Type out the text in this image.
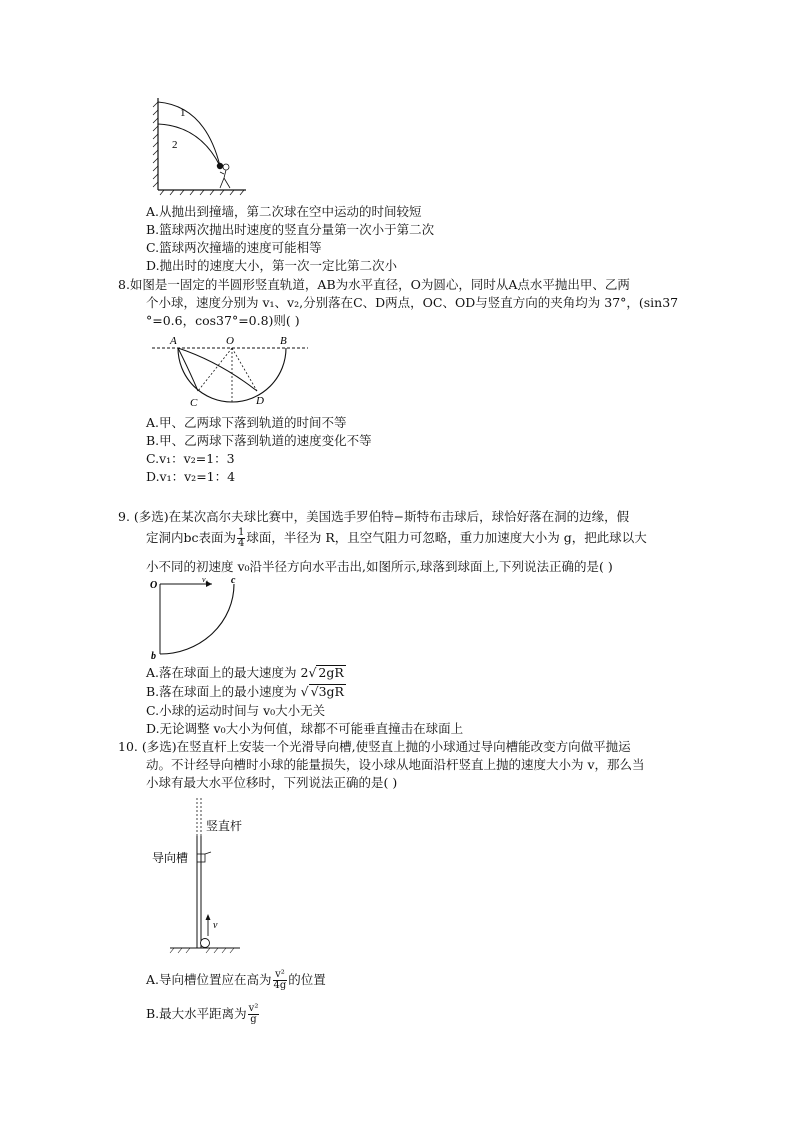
1
2
A.从抛出到撞墙，第二次球在空中运动的时间较短
B.篮球两次抛出时速度的竖直分量第一次小于第二次
C.篮球两次撞墙的速度可能相等
D.抛出时的速度大小，第一次一定比第二次小
8.如图是一固定的半圆形竖直轨道，AB为水平直径，O为圆心，同时从A点水平抛出甲、乙两
个小球，速度分别为 v₁、v₂,分别落在C、D两点，OC、OD与竖直方向的夹角均为 37°，(sin37
°=0.6，cos37°=0.8)则( )
A	O	B
C	D
A.甲、乙两球下落到轨道的时间不等
B.甲、乙两球下落到轨道的速度变化不等
C.v₁：v₂=1：3
D.v₁：v₂=1：4
9. (多选)在某次高尔夫球比赛中，美国选手罗伯特−斯特布击球后，球恰好落在洞的边缘，假
定洞内bc表面为 $\frac{1}{4}$ 球面，半径为 R，且空气阻力可忽略，重力加速度大小为 g，把此球以大
小不同的初速度 v₀沿半径方向水平击出,如图所示,球落到球面上,下列说法正确的是( )
O
v₀ c
b
A.落在球面上的最大速度为 2√ 2gR
B.落在球面上的最小速度为 √ √3gR
C.小球的运动时间与 v₀大小无关
D.无论调整 v₀大小为何值，球都不可能垂直撞击在球面上
10. (多选)在竖直杆上安装一个光滑导向槽,使竖直上抛的小球通过导向槽能改变方向做平抛运
动。不计经导向槽时小球的能量损失，设小球从地面沿杆竖直上抛的速度大小为 v，那么当
小球有最大水平位移时，下列说法正确的是( )
竖直杆
导向槽
v
A.导向槽位置应在高为 $\frac{\text{v²}}{4g}$ 的位置
B.最大水平距离为 $\frac{\text{v²}}{g}$
